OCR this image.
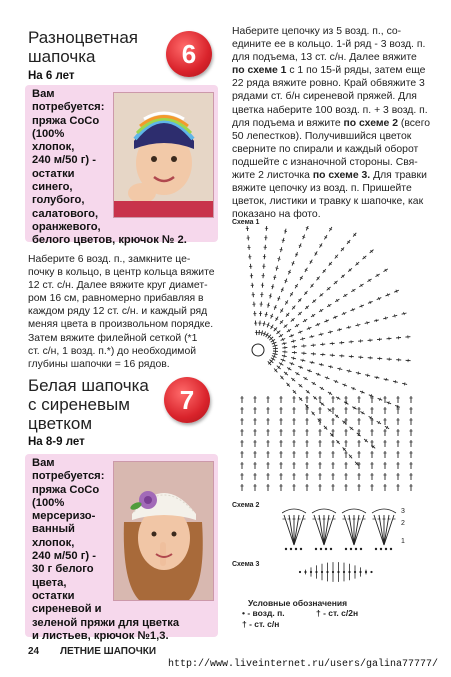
Разноцветная
шапочка	6
На 6 лет
Вам
потребуется:
пряжа СоСо
(100%
хлопок,
240 м/50 г) -
остатки
синего,
голубого,
салатового,
оранжевого,
белого цветов, крючок № 2.
Наберите 6 возд. п., замкните це-
почку в кольцо, в центр кольца вяжите
12 ст. с/н. Далее вяжите круг диамет-
ром 16 см, равномерно прибавляя в
каждом ряду 12 ст. с/н. и каждый ряд
меняя цвета в произвольном порядке.
Затем вяжите филейной сеткой (*1
ст. с/н, 1 возд. п.*) до необходимой
глубины шапочки = 16 рядов.
Белая шапочка
с сиреневым
цветком
7
На 8-9 лет
Вам
потребуется:
пряжа СоСо
(100%
мерсеризо-
ванный
хлопок,
240 м/50 г) -
30 г белого
цвета,
остатки
сиреневой и
зеленой пряжи для цветка
и листьев, крючок №1,3.
Наберите цепочку из 5 возд. п., со-
едините ее в кольцо. 1-й ряд - 3 возд. п.
для подъема, 13 ст. с/н. Далее вяжите
по схеме 1 с 1 по 15-й ряды, затем еще
22 ряда вяжите ровно. Край обвяжите 3
рядами ст. б/н сиреневой пряжей. Для
цветка наберите 100 возд. п. + 3 возд. п.
для подъема и вяжите по схеме 2 (всего
50 лепестков). Получившийся цветок
сверните по спирали и каждый оборот
подшейте с изнаночной стороны. Свя-
жите 2 листочка по схеме 3. Для травки
вяжите цепочку из возд. п. Пришейте
цветок, листики и травку к шапочке, как
показано на фото.
Схема 1
Схема 2
3
2
1
Схема 3
Условные обозначения
• - возд. п.	† - ст. с/2н
† - ст. с/н
24 ЛЕТНИЕ ШАПОЧКИ
http://www.liveinternet.ru/users/galina77777/
